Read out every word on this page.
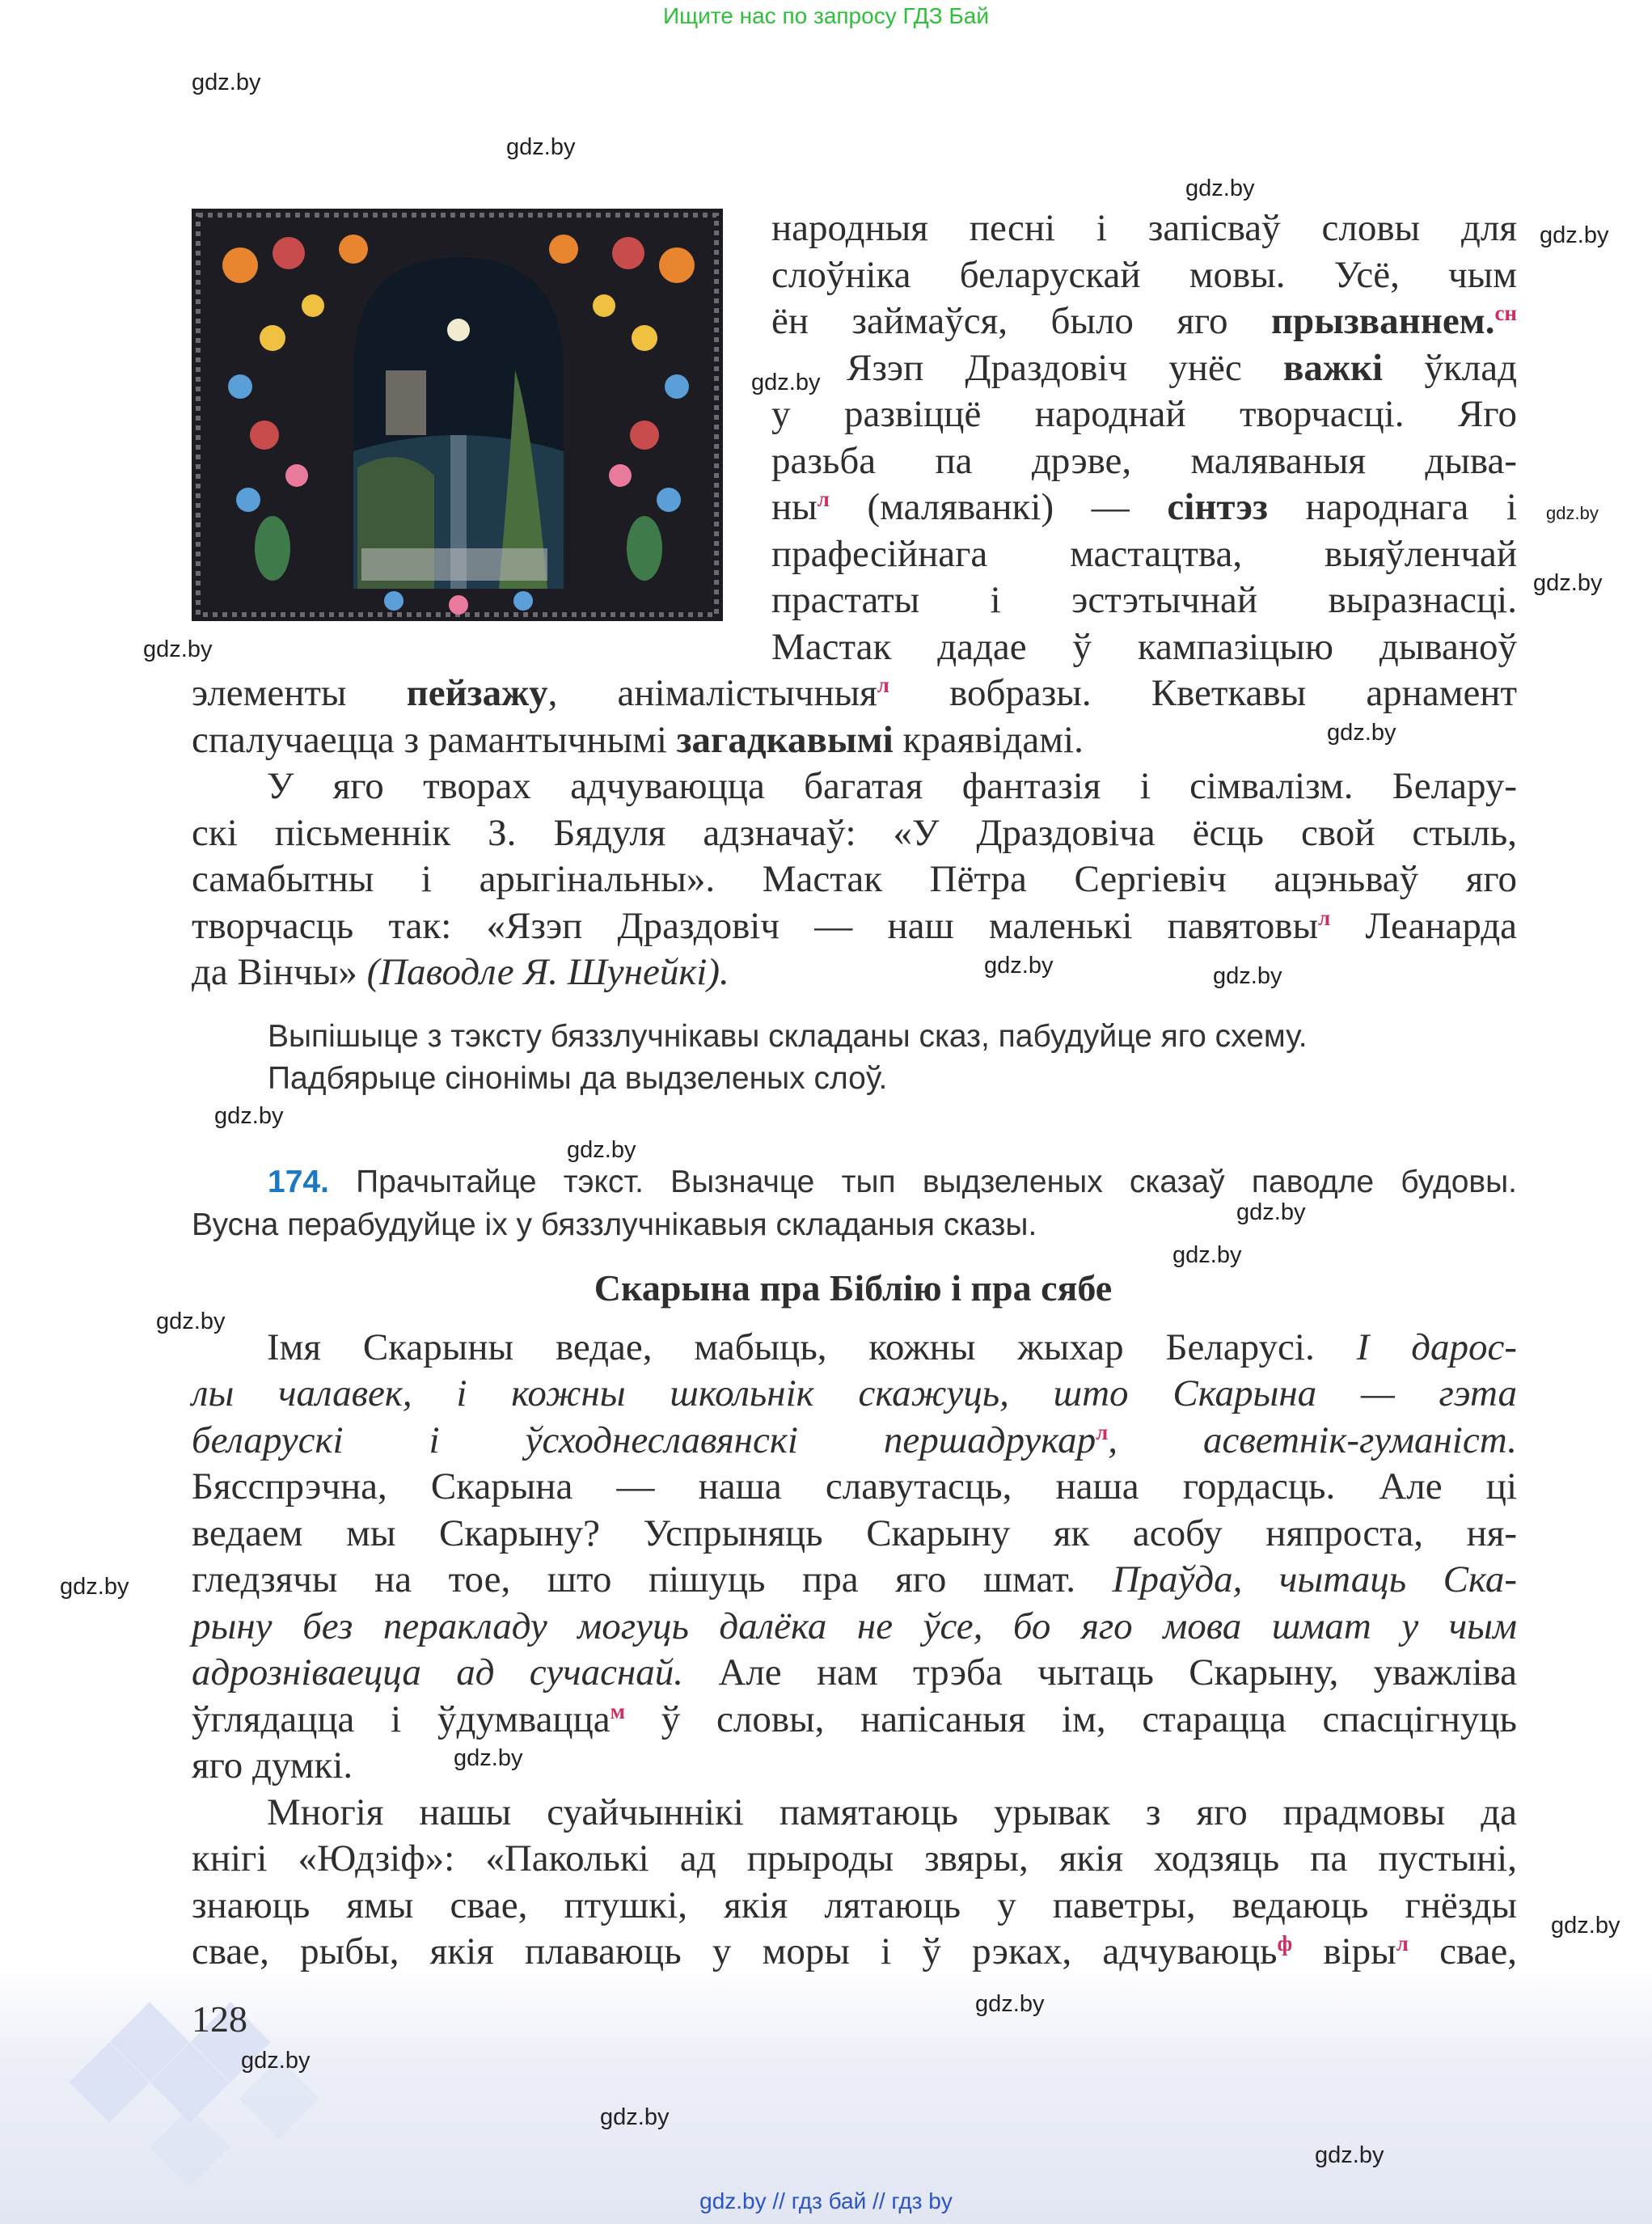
Ищите нас по запросу ГДЗ Бай
народныя песні і запісваў словы для
слоўніка беларускай мовы. Усё, чым
ён займаўся, было яго прызваннем.$^{сн}$
Язэп Драздовіч унёс важкі ўклад
у развіццё народнай творчасці. Яго
разьба па дрэве, маляваныя дыва-
$ны^л$ (маляванкі) — сінтэз народнага і
прафесійнага мастацтва, выяўленчай
прастаты і эстэтычнай выразнасці.
Мастак дадае ў кампазіцыю дываноў
элементы пейзажу, анімалістычныя$^л$ вобразы. Кветкавы арнамент
спалучаецца з рамантычнымі загадкавымі краявідамі.
У яго творах адчуваюцца багатая фантазія і сімвалізм. Белару-
скі пісьменнік З. Бядуля адзначаў: «У Драздовіча ёсць свой стыль,
самабытны і арыгінальны». Мастак Пётра Сергіевіч ацэньваў яго
творчасць так: «Язэп Драздовіч — наш маленькі павятовы$^л$ Леанарда
да Вінчы» (Паводле Я. Шунейкі).
Выпішыце з тэксту бяззлучнікавы складаны сказ, пабудуйце яго схему.
Падбярыце сінонімы да выдзеленых слоў.
174. Прачытайце тэкст. Вызначце тып выдзеленых сказаў паводле будовы.
Вусна перабудуйце іх у бяззлучнікавыя складаныя сказы.
Скарына пра Біблію і пра сябе
Імя Скарыны ведае, мабыць, кожны жыхар Беларусі. I дарос-
лы чалавек, і кожны школьнік скажуць, што Скарына — гэта
беларускі і ўсходнеславянскі першадрукар$^л$, асветнік-гуманіст.
Бясспрэчна, Скарына — наша славутасць, наша гордасць. Але ці
ведаем мы Скарыну? Успрыняць Скарыну як асобу няпроста, ня-
гледзячы на тое, што пішуць пра яго шмат. Праўда, чытаць Ска-
рыну без перакладу могуць далёка не ўсе, бо яго мова шмат у чым
адрозніваецца ад сучаснай. Але нам трэба чытаць Скарыну, уважліва
ўглядацца і ўдумвацца$^м$ ў словы, напісаныя ім, старацца спасцігнуць
яго думкі.
Многія нашы суайчыннікі памятаюць урывак з яго прадмовы да
кнігі «Юдзіф»: «Паколькі ад прыроды звяры, якія ходзяць па пустыні,
знаюць ямы свае, птушкі, якія лятаюць у паветры, ведаюць гнёзды
свае, рыбы, якія плаваюць у моры і ў рэках, адчуваюць$^ф$ віры$^л$ свае,
128
gdz.by
gdz.by
gdz.by
gdz.by
gdz.by
gdz.by
gdz.by
gdz.by
gdz.by
gdz.by	gdz.by
gdz.by
gdz.by
gdz.by
gdz.by
gdz.by
gdz.by
gdz.by
gdz.by
gdz.by
gdz.by
gdz.by
gdz.by
gdz.by // гдз бай // гдз by
